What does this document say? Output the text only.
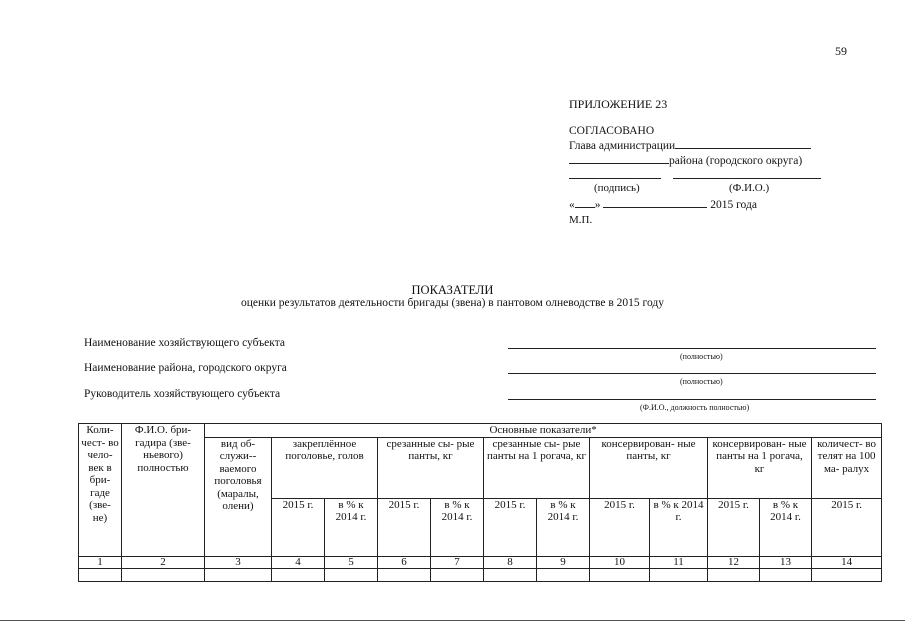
59
ПРИЛОЖЕНИЕ 23
СОГЛАСОВАНО
Глава администрации
района (городского округа)
(подпись)	(Ф.И.О.)
« »	2015 года
М.П.
ПОКАЗАТЕЛИ
оценки результатов деятельности бригады (звена) в пантовом олневодстве в 2015 году
Наименование хозяйствующего субъекта
(полностью)
Наименование района, городского округа
(полностью)
Руководитель хозяйствующего субъекта
(Ф.И.О., должность полностью)
Коли- чест- во чело- век в бри- гаде (зве- не)	Ф.И.О. бри- гадира (зве- ньевого) полностью	Основные показатели*											
		вид об- служи-- ваемого поголовья (маралы, олени)	закреплённое поголовье, голов		срезанные сы- рые панты, кг		срезанные сы- рые панты на 1 рогача, кг		консервирован- ные панты, кг		консервирован- ные панты на 1 рогача, кг		количест- во телят на 100 ма- ралух
			2015 г.	в % к 2014 г.	2015 г.	в % к 2014 г.	2015 г.	в % к 2014 г.	2015 г.	в % к 2014 г.	2015 г.	в % к 2014 г.	2015 г.
1	2	3	4	5	6	7	8	9	10	11	12	13	14
